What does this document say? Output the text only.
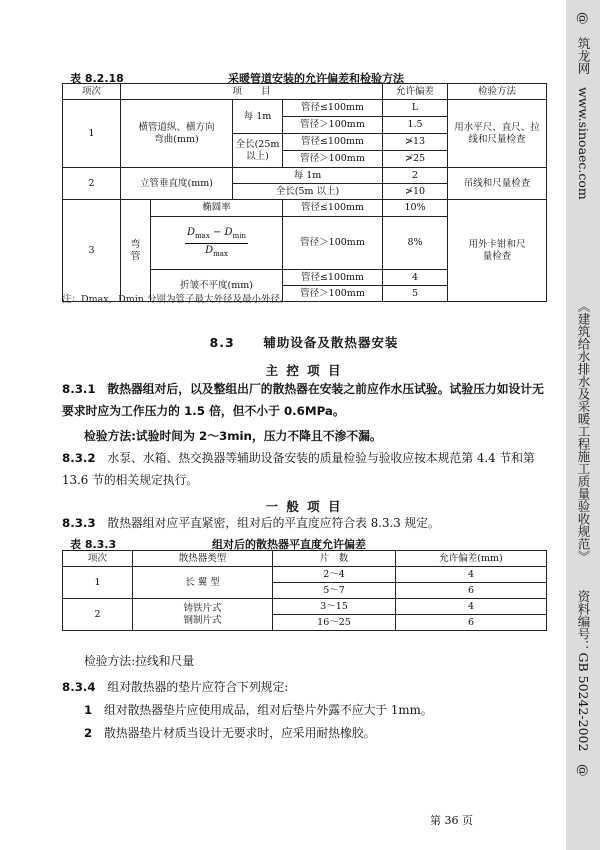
表 8.2.18	采暖管道安装的允许偏差和检验方法
项次	项　　目				允许偏差	检验方法
1	横管道纵、横方向弯曲(mm)		每 1m	管径≤100mm	L	用水平尺、直尺、拉线和尺量检查
				管径＞100mm	1.5	
			全长(25m 以上)	管径≤100mm	≯13	
				管径＞100mm	≯25	
2	立管垂直度(mm)		每 1m		2	吊线和尺量检查
			全长(5m 以上)		≯10	
3	弯管	椭圆率		管径≤100mm	10%	用外卡钳和尺量检查

		$\frac{D_{max} - D_{min}}{D_{max}}$		管径＞100mm	8%	
		折皱不平度(mm)		管径≤100mm	4	
				管径＞100mm	5	
注：Dmax，Dmin 分别为管子最大外径及最小外径。
8.3 辅助设备及散热器安装
主 控 项 目
8.3.1　 散热器组对后，以及整组出厂的散热器在安装之前应作水压试验。试验压力如设计无要求时应为工作压力的 1.5 倍，但不小于 0.6MPa。
检验方法:试验时间为 2～3min，压力不降且不渗不漏。
8.3.2　 水泵、水箱、热交换器等辅助设备安装的质量检验与验收应按本规范第 4.4 节和第 13.6 节的相关规定执行。
一 般 项 目
8.3.3　 散热器组对应平直紧密，组对后的平直度应符合表 8.3.3 规定。
表 8.3.3	组对后的散热器平直度允许偏差
项次	散热器类型	片　数	允许偏差(mm)
1	长 翼 型	2～4	4
		5～7	6
2	铸铁片式
钢制片式	3～15	4
		16～25	6
检验方法:拉线和尺量
8.3.4　 组对散热器的垫片应符合下列规定:
1　 组对散热器垫片应使用成品，组对后垫片外露不应大于 1mm。
2　 散热器垫片材质当设计无要求时，应采用耐热橡胶。
第 36 页
@　筑龙网　www.sinoaec.com
《建筑给水排水及采暖工程施工质量验收规范》
资料编号：GB 50242-2002　@
